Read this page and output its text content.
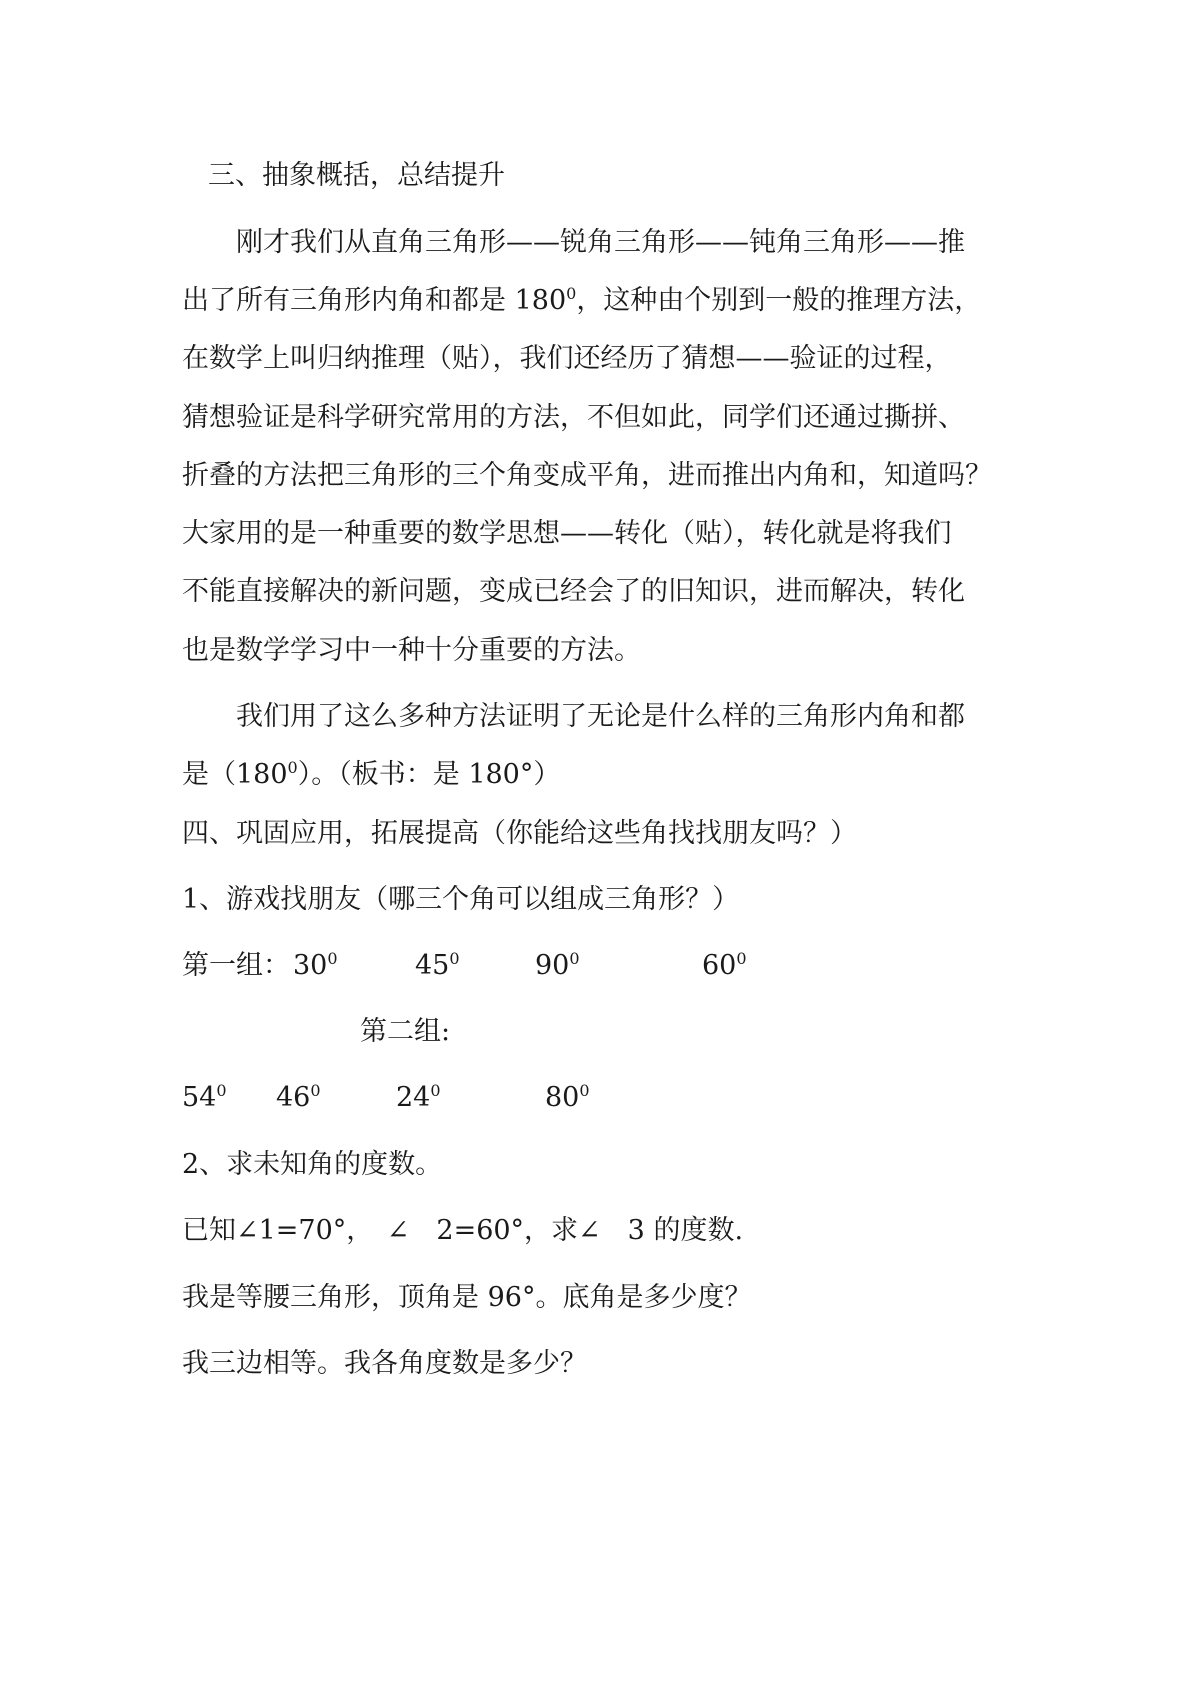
三、抽象概括，总结提升

刚才我们从直角三角形——锐角三角形——钝角三角形——推

出了所有三角形内角和都是 $180^0$，这种由个别到一般的推理方法，

在数学上叫归纳推理（贴），我们还经历了猜想——验证的过程，

猜想验证是科学研究常用的方法，不但如此，同学们还通过撕拼、

折叠的方法把三角形的三个角变成平角，进而推出内角和，知道吗？

大家用的是一种重要的数学思想——转化（贴），转化就是将我们

不能直接解决的新问题，变成已经会了的旧知识，进而解决，转化

也是数学学习中一种十分重要的方法。

我们用了这么多种方法证明了无论是什么样的三角形内角和都

是$(180^0)$。（板书：是 180°）

四、巩固应用，拓展提高（你能给这些角找找朋友吗？）

1、游戏找朋友（哪三个角可以组成三角形？）

第一组： $30^0$	$45^0$	$90^0$	$60^0$
第二组:
$54^0$ $46^0$	$24^0$	$80^0$

2、求未知角的度数。

已知∠1=70°，　∠　2=60°，求∠　3 的度数.

我是等腰三角形，顶角是 96°。底角是多少度？

我三边相等。我各角度数是多少？
